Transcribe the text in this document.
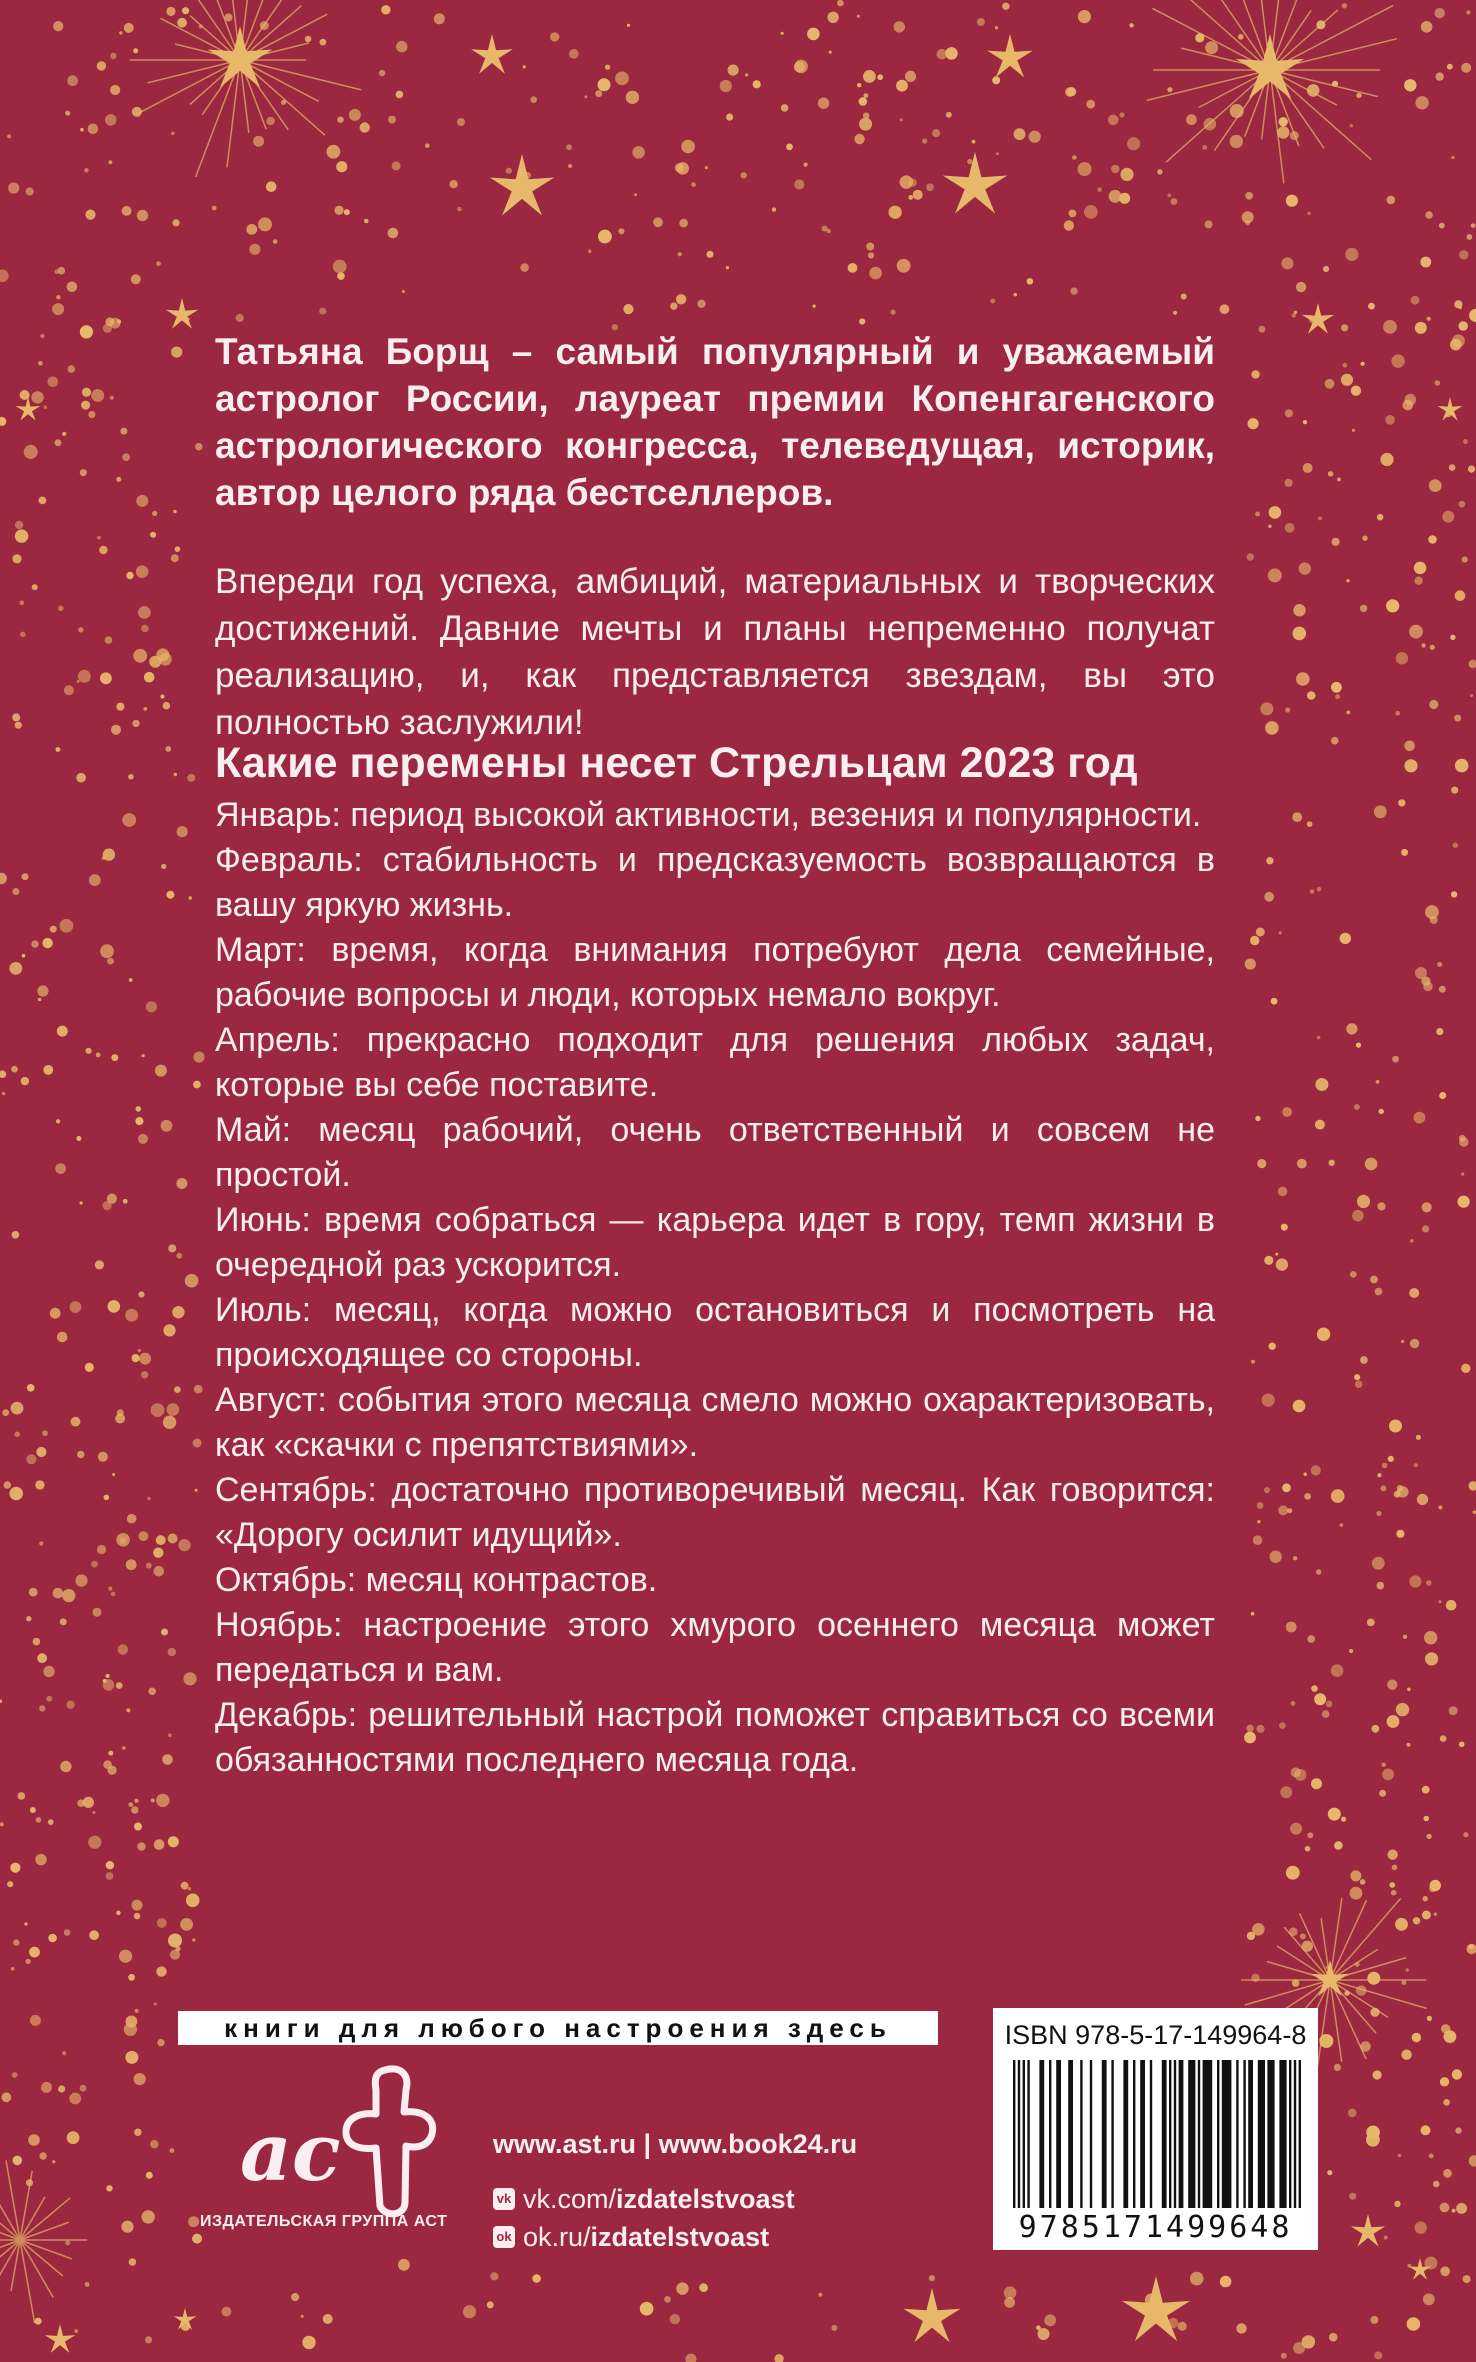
Татьяна Борщ – самый популярный и уважаемый астролог России, лауреат премии Копенгагенского астрологического конгресса, телеведущая, историк, автор целого ряда бестселлеров.
Впереди год успеха, амбиций, материальных и творческих достижений. Давние мечты и планы непременно получат реализацию, и, как представляется звездам, вы это полностью заслужили!
Какие перемены несет Стрельцам 2023 год
Январь: период высокой активности, везения и популярности.
Февраль: стабильность и предсказуемость возвращаются в вашу яркую жизнь.
Март: время, когда внимания потребуют дела семейные, рабочие вопросы и люди, которых немало вокруг.
Апрель: прекрасно подходит для решения любых задач, которые вы себе поставите.
Май: месяц рабочий, очень ответственный и совсем не простой.
Июнь: время собраться — карьера идет в гору, темп жизни в очередной раз ускорится.
Июль: месяц, когда можно остановиться и посмотреть на происходящее со стороны.
Август: события этого месяца смело можно охарактеризовать, как «скачки с препятствиями».
Сентябрь: достаточно противоречивый месяц. Как говорится: «Дорогу осилит идущий».
Октябрь: месяц контрастов.
Ноябрь: настроение этого хмурого осеннего месяца может передаться и вам.
Декабрь: решительный настрой поможет справиться со всеми обязанностями последнего месяца года.
книги для любого настроения здесь
ac
ИЗДАТЕЛЬСКАЯ ГРУППА АСТ
www.ast.ru | www.book24.ru
vk vk.com/ izdatelstvoast
ok ok.ru/ izdatelstvoast
ISBN 978-5-17-149964-8
9785171499648
